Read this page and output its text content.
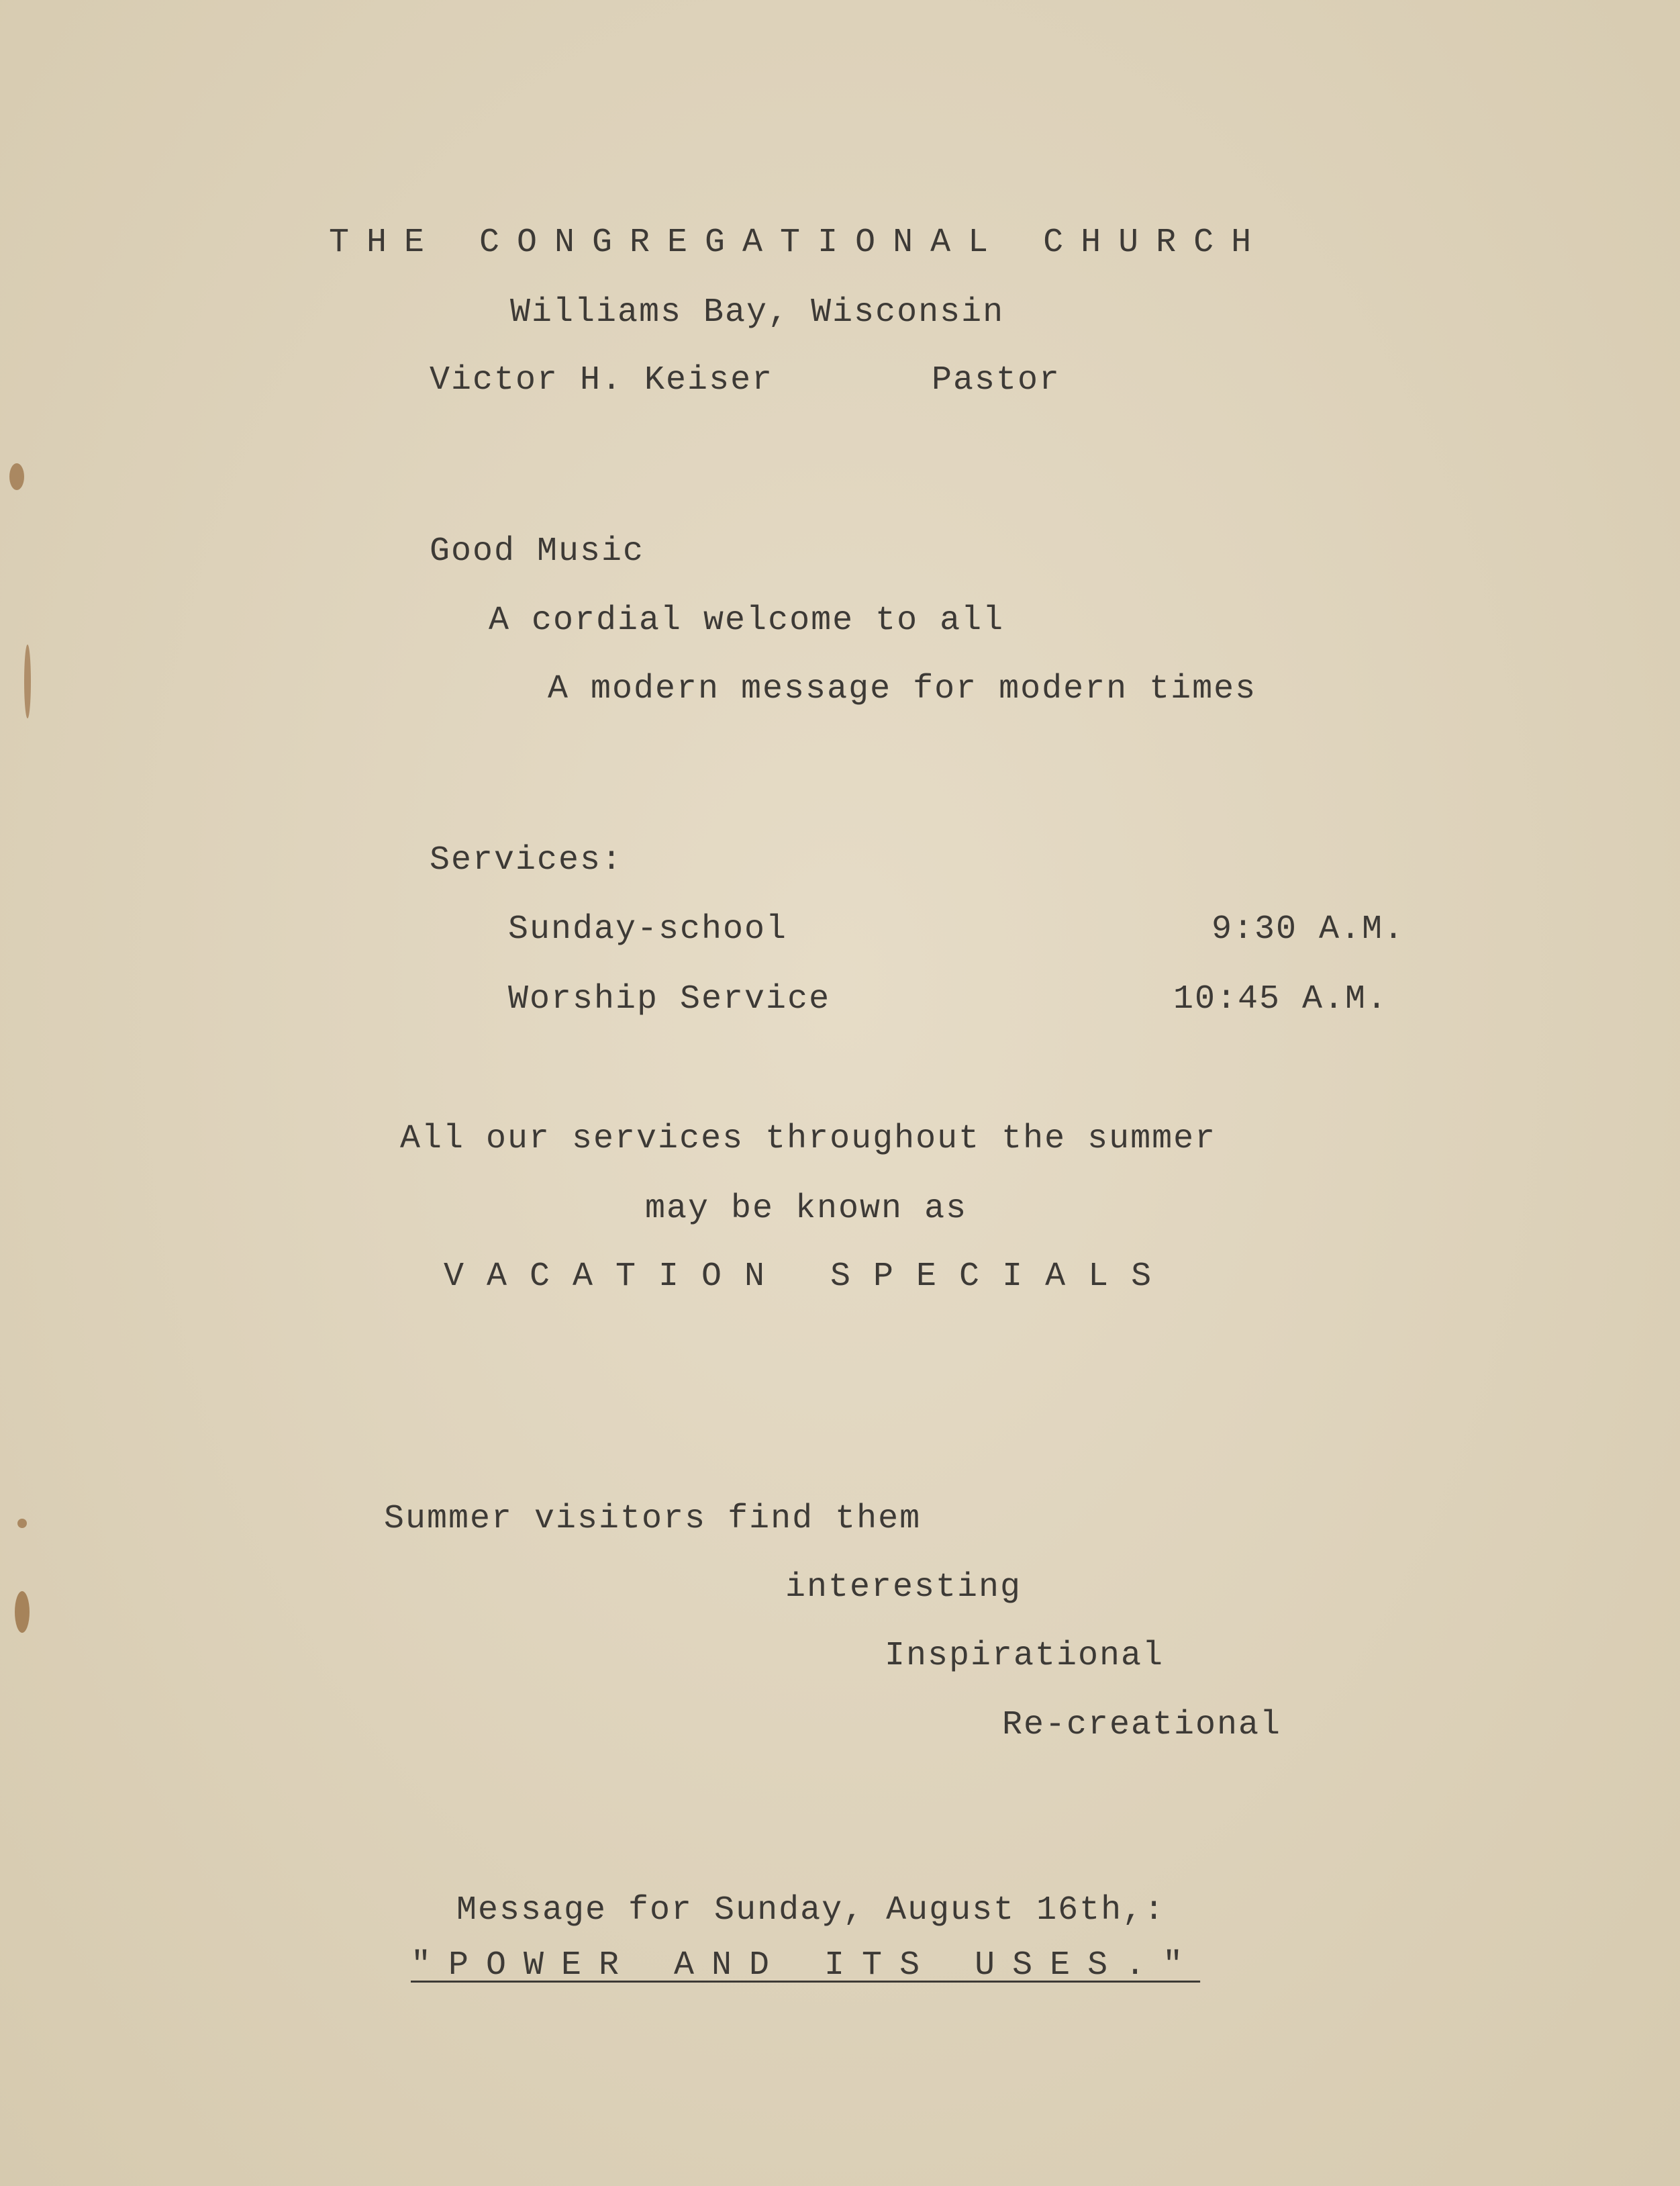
THE CONGREGATIONAL CHURCH
Williams Bay, Wisconsin
Victor H. Keiser	Pastor
Good Music
A cordial welcome to all
A modern message for modern times
Services:
Sunday-school	9:30 A.M.
Worship Service	10:45 A.M.
All our services throughout the summer
may be known as
VACATION SPECIALS
Summer visitors find them
interesting
Inspirational
Re-creational
Message for Sunday, August 16th,:
"POWER AND ITS USES."
